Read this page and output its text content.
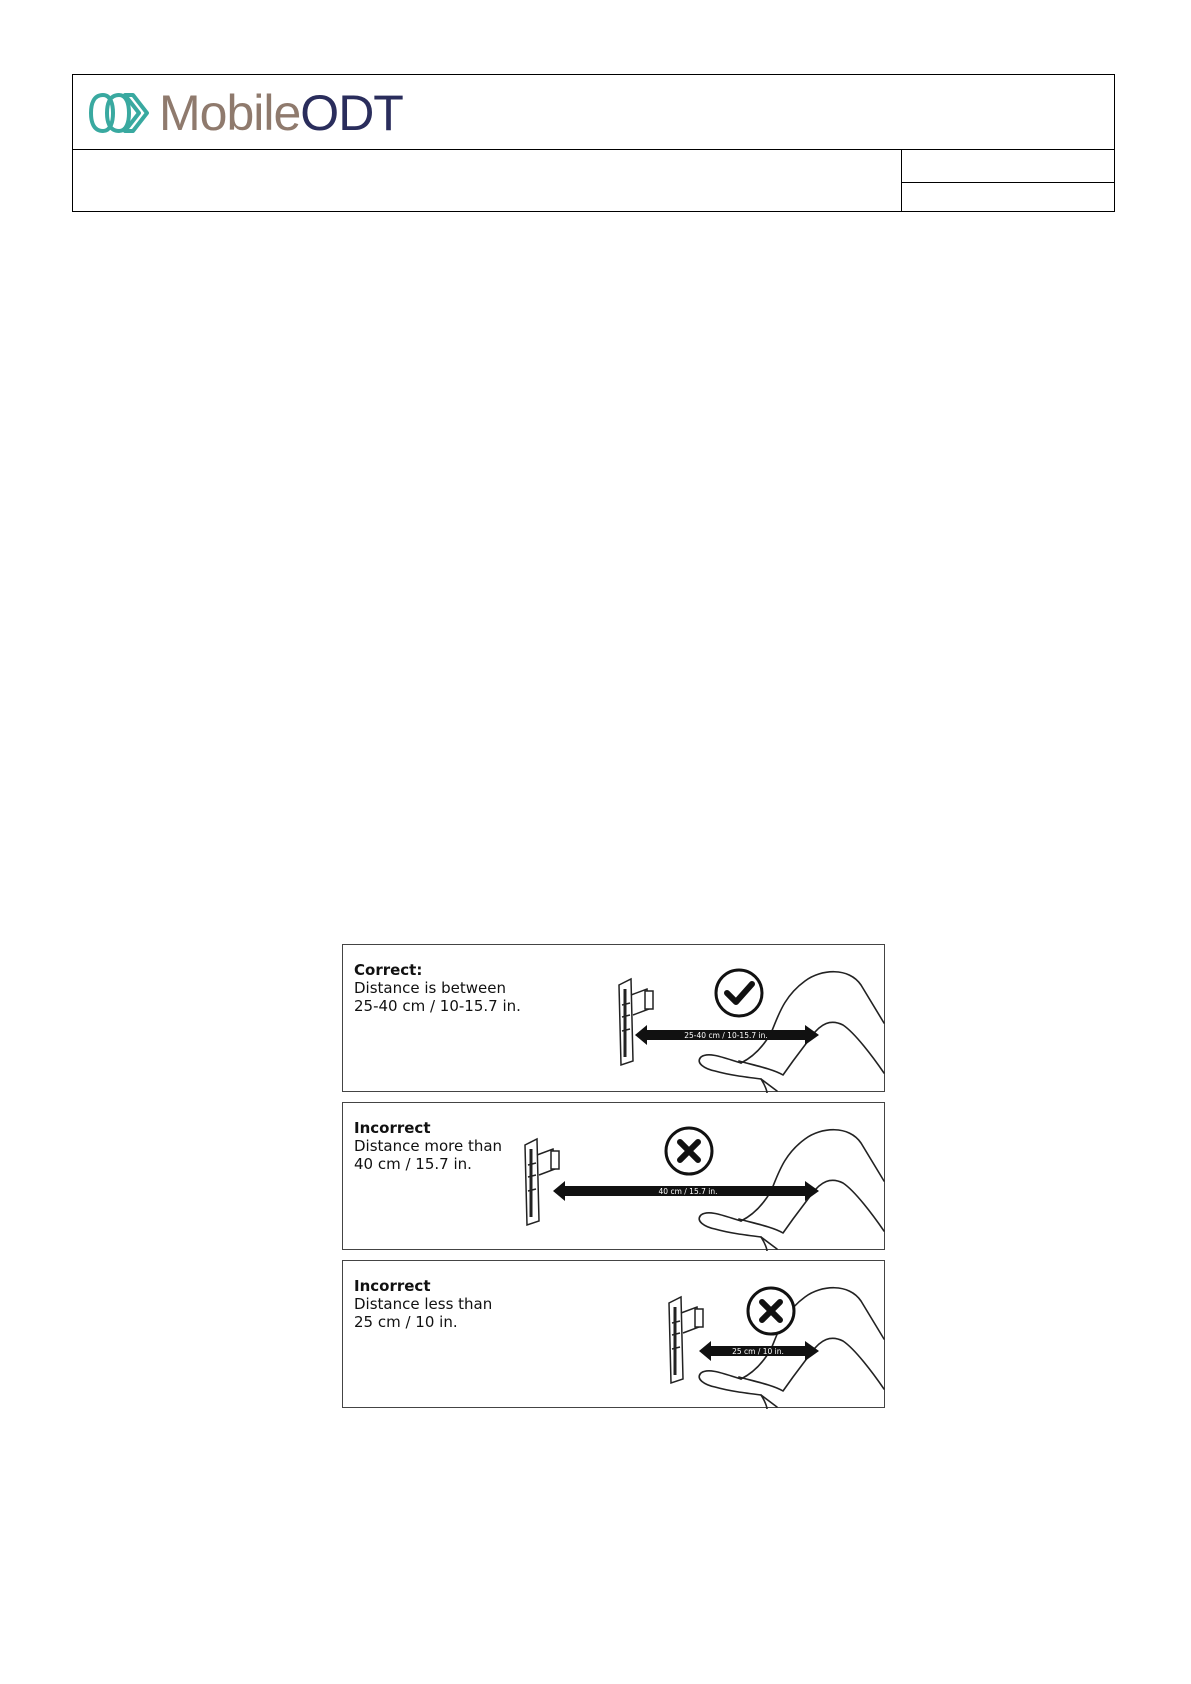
MobileODT
25-40 cm / 10-15.7 in.
Correct:
Distance is between
25-40 cm / 10-15.7 in.
40 cm / 15.7 in.
Incorrect
Distance more than
40 cm / 15.7 in.
25 cm / 10 in.
Incorrect
Distance less than
25 cm / 10 in.
